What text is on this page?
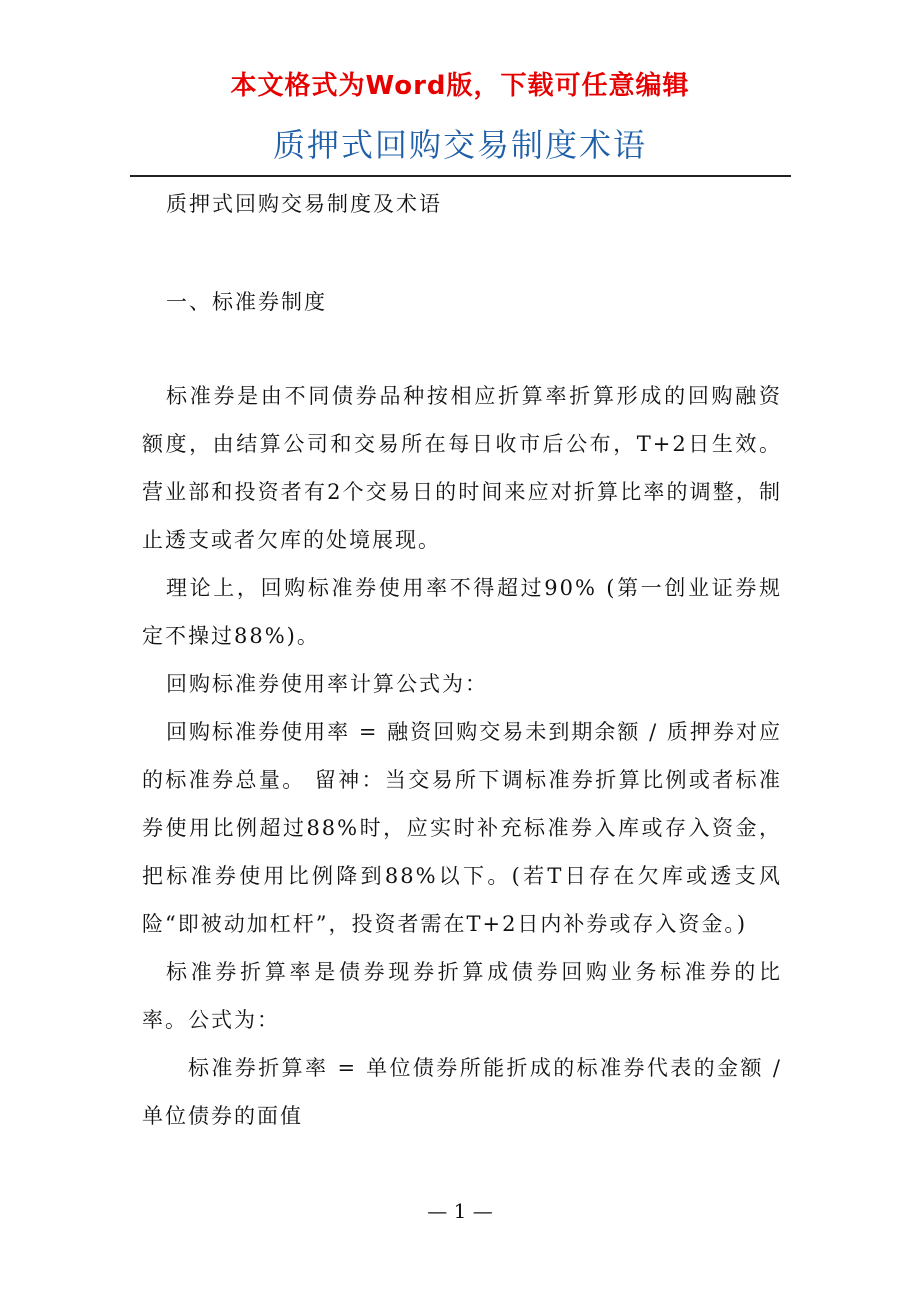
本文格式为Word版，下载可任意编辑
质押式回购交易制度术语

质押式回购交易制度及术语

一、标准券制度

标准券是由不同债券品种按相应折算率折算形成的回购融资额度，由结算公司和交易所在每日收市后公布，T+2日生效。营业部和投资者有2个交易日的时间来应对折算比率的调整，制止透支或者欠库的处境展现。

理论上，回购标准券使用率不得超过90% (第一创业证券规定不操过88%)。

回购标准券使用率计算公式为：

回购标准券使用率 = 融资回购交易未到期余额 / 质押券对应的标准券总量。 留神：当交易所下调标准券折算比例或者标准券使用比例超过88%时，应实时补充标准券入库或存入资金，把标准券使用比例降到88%以下。(若T日存在欠库或透支风险“即被动加杠杆”，投资者需在T+2日内补券或存入资金。)

标准券折算率是债券现券折算成债券回购业务标准券的比率。公式为：

标准券折算率 = 单位债券所能折成的标准券代表的金额 / 单位债券的面值

— 1 —
